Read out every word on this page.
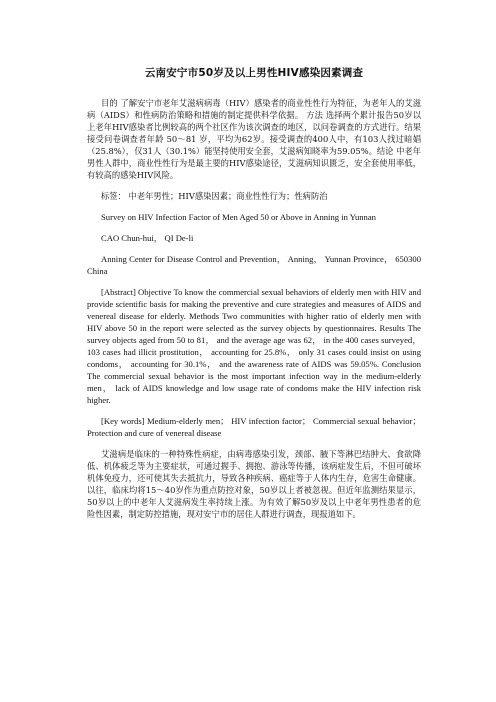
云南安宁市50岁及以上男性HIV感染因素调查

目的 了解安宁市老年艾滋病病毒（HIV）感染者的商业性性行为特征，为老年人的艾滋病（AIDS）和性病防治策略和措施的制定提供科学依据。 方法 选择两个累计报告50岁以上老年HIV感染者比例较高的两个社区作为该次调查的地区，以问卷调查的方式进行。结果 接受问卷调查者年龄 50～81 岁，平均为62岁。接受调查的400人中，有103人找过暗娼（25.8%），仅31人（30.1%）能坚持使用安全套，艾滋病知晓率为59.05%。结论 中老年男性人群中，商业性性行为是最主要的HIV感染途径，艾滋病知识匮乏，安全套使用率低，有较高的感染HIV风险。

标签： 中老年男性；HIV感染因素；商业性性行为；性病防治

Survey on HIV Infection Factor of Men Aged 50 or Above in Anning in Yunnan

CAO Chun-hui， QI De-li

Anning Center for Disease Control and Prevention， Anning， Yunnan Province， 650300 China

[Abstract] Objective To know the commercial sexual behaviors of elderly men with HIV and provide scientific basis for making the preventive and cure strategies and measures of AIDS and venereal disease for elderly. Methods Two communities with higher ratio of elderly men with HIV above 50 in the report were selected as the survey objects by questionnaires. Results The survey objects aged from 50 to 81， and the average age was 62， in the 400 cases surveyed， 103 cases had illicit prostitution， accounting for 25.8%， only 31 cases could insist on using condoms， accounting for 30.1%， and the awareness rate of AIDS was 59.05%. Conclusion The commercial sexual behavior is the most important infection way in the medium-elderly men， lack of AIDS knowledge and low usage rate of condoms make the HIV infection risk higher.

[Key words] Medium-elderly men； HIV infection factor； Commercial sexual behavior； Protection and cure of venereal disease

艾滋病是临床的一种特殊性病症，由病毒感染引发，颈部、腋下等淋巴结肿大、食欲降低、机体疲乏等为主要症状，可通过握手、拥抱、游泳等传播，该病症发生后，不但可破坏机体免疫力，还可使其失去抵抗力，导致各种疾病、癌症等于人体内生存，危害生命健康。以往，临床均将15～40岁作为重点防控对象，50岁以上者被忽视。但近年监测结果显示，50岁以上的中老年人艾滋病发生率持续上涨。为有效了解50岁及以上中老年男性患者的危险性因素，制定防控措施，现对安宁市的居住人群进行调查，现报道如下。
